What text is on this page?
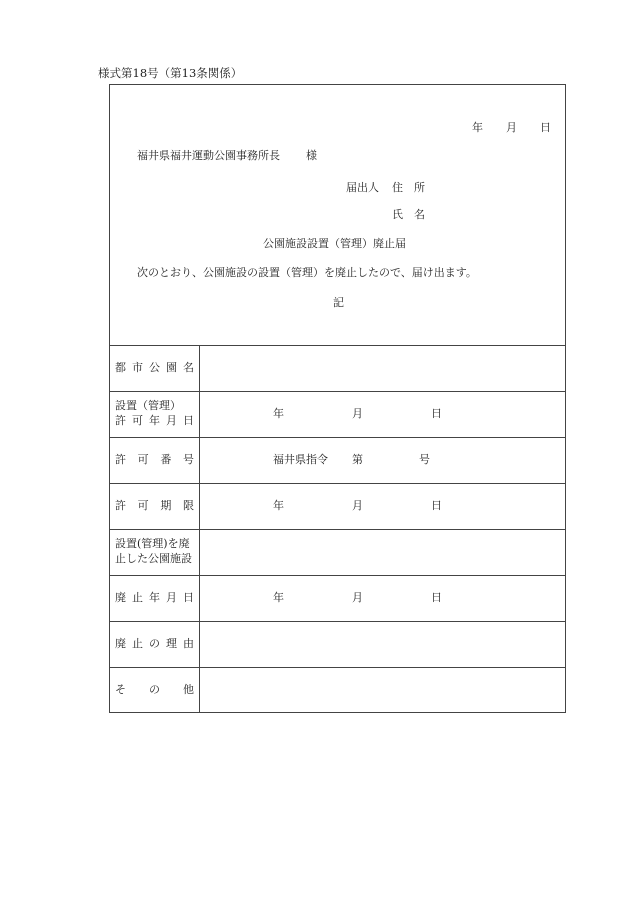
様式第18号（第13条関係）
年 月 日
福井県福井運動公園事務所長 様
届出人 住　所
氏　名
公園施設設置（管理）廃止届
次のとおり、公園施設の設置（管理）を廃止したので、届け出ます。
記
都 市 公 園 名
設置（管理）
許 可 年 月 日
年	月	日
許 可 番 号	福井県指令 第	号
許 可 期 限	年	月	日
設置(管理)を廃
止した公園施設
廃 止 年 月 日	年	月	日
廃 止 の 理 由
そ の 他
